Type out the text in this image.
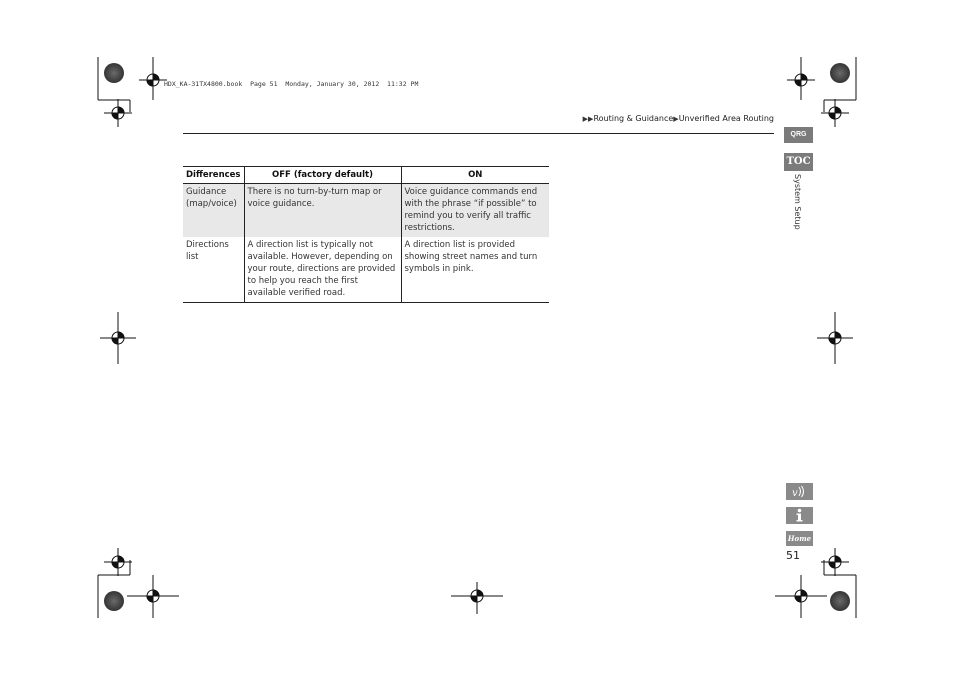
HDX_KA-31TX4800.book  Page 51  Monday, January 30, 2012  11:32 PM
▶▶Routing & Guidance▶Unverified Area Routing
Differences	OFF (factory default)	ON
Guidance (map/voice)	There is no turn-by-turn map or voice guidance.	Voice guidance commands end with the phrase “if possible” to remind you to verify all traffic restrictions.
Directions list	A direction list is typically not available. However, depending on your route, directions are provided to help you reach the first available verified road.	A direction list is provided showing street names and turn symbols in pink.
QRG
TOC
System Setup
v
Home
51
